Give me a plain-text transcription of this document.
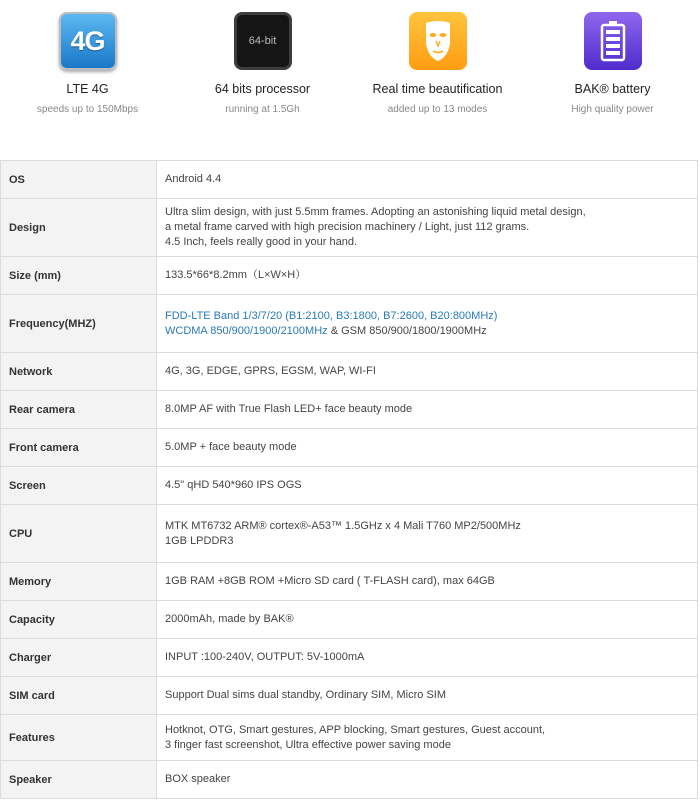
4G
LTE 4G
speeds up to 150Mbps
64-bit
64 bits processor
running at 1.5Gh
Real time beautification
added up to 13 modes
BAK® battery
High quality power
OS	Android 4.4
Design	Ultra slim design, with just 5.5mm frames. Adopting an astonishing liquid metal design,
a metal frame carved with high precision machinery / Light, just 112 grams.
4.5 Inch, feels really good in your hand.

Size (mm)	133.5*66*8.2mm（L×W×H）
Frequency(MHZ)	FDD-LTE Band 1/3/7/20 (B1:2100, B3:1800, B7:2600, B20:800MHz)
WCDMA 850/900/1900/2100MHz & GSM 850/900/1800/1900MHz

Network	4G, 3G, EDGE, GPRS, EGSM, WAP, WI-FI
Rear camera	8.0MP AF with True Flash LED+ face beauty mode
Front camera	5.0MP + face beauty mode
Screen	4.5" qHD 540*960 IPS OGS
CPU	MTK MT6732 ARM® cortex®-A53™ 1.5GHz x 4 Mali T760 MP2/500MHz
1GB LPDDR3

Memory	1GB RAM +8GB ROM +Micro SD card ( T-FLASH card), max 64GB
Capacity	2000mAh, made by BAK®
Charger	INPUT :100-240V, OUTPUT: 5V-1000mA
SIM card	Support Dual sims dual standby, Ordinary SIM, Micro SIM
Features	Hotknot, OTG, Smart gestures, APP blocking, Smart gestures, Guest account,
3 finger fast screenshot, Ultra effective power saving mode

Speaker	BOX speaker
